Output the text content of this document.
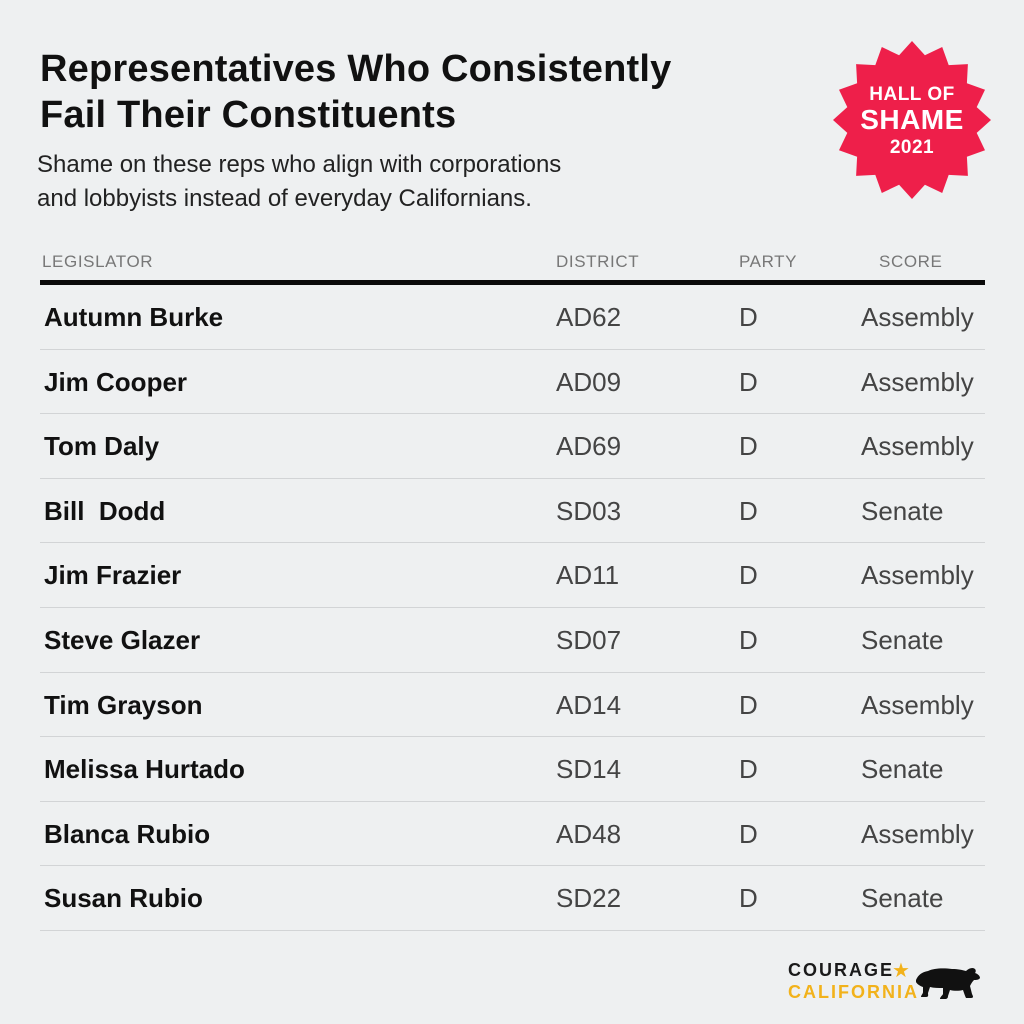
Representatives Who Consistently
Fail Their Constituents
Shame on these reps who align with corporations
and lobbyists instead of everyday Californians.
HALL OF
SHAME
2021
LEGISLATOR	DISTRICT	PARTY	SCORE
Autumn Burke	AD62	D	Assembly
Jim Cooper	AD09	D	Assembly
Tom Daly	AD69	D	Assembly
Bill  Dodd	SD03	D	Senate
Jim Frazier	AD11	D	Assembly
Steve Glazer	SD07	D	Senate
Tim Grayson	AD14	D	Assembly
Melissa Hurtado	SD14	D	Senate
Blanca Rubio	AD48	D	Assembly
Susan Rubio	SD22	D	Senate
COURAGE
★
CALIFORNIA
